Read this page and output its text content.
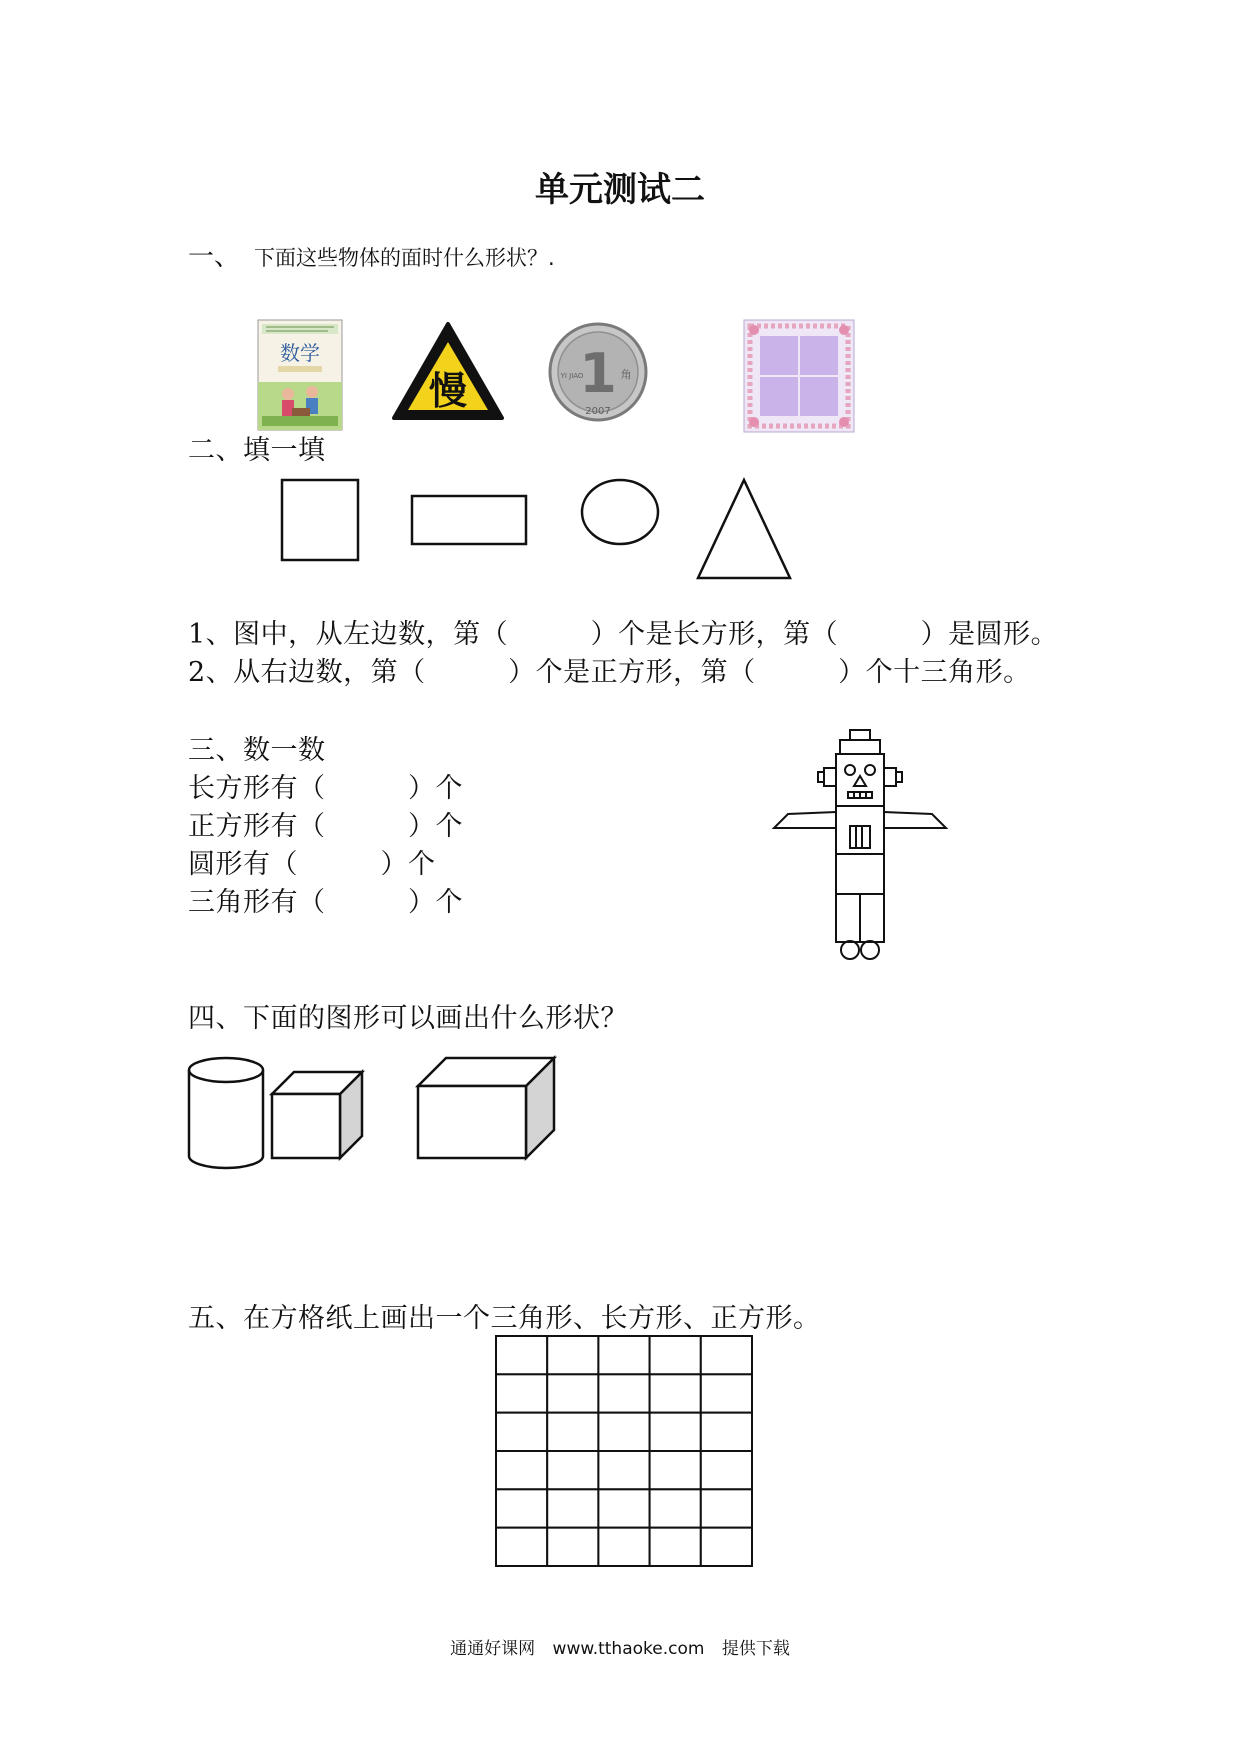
单元测试二
一、 下面这些物体的面时什么形状？.
数学
慢 1 角
YI JIAO
2007
二、填一填
1、图中，从左边数，第（　　　）个是长方形，第（　　　）是圆形。
2、从右边数，第（　　　）个是正方形，第（　　　）个十三角形。
三、数一数
长方形有（　　　）个
正方形有（　　　）个
圆形有（　　　）个
三角形有（　　　）个
四、下面的图形可以画出什么形状？
五、在方格纸上画出一个三角形、长方形、正方形。
通通好课网 www.tthaoke.com 提供下载
